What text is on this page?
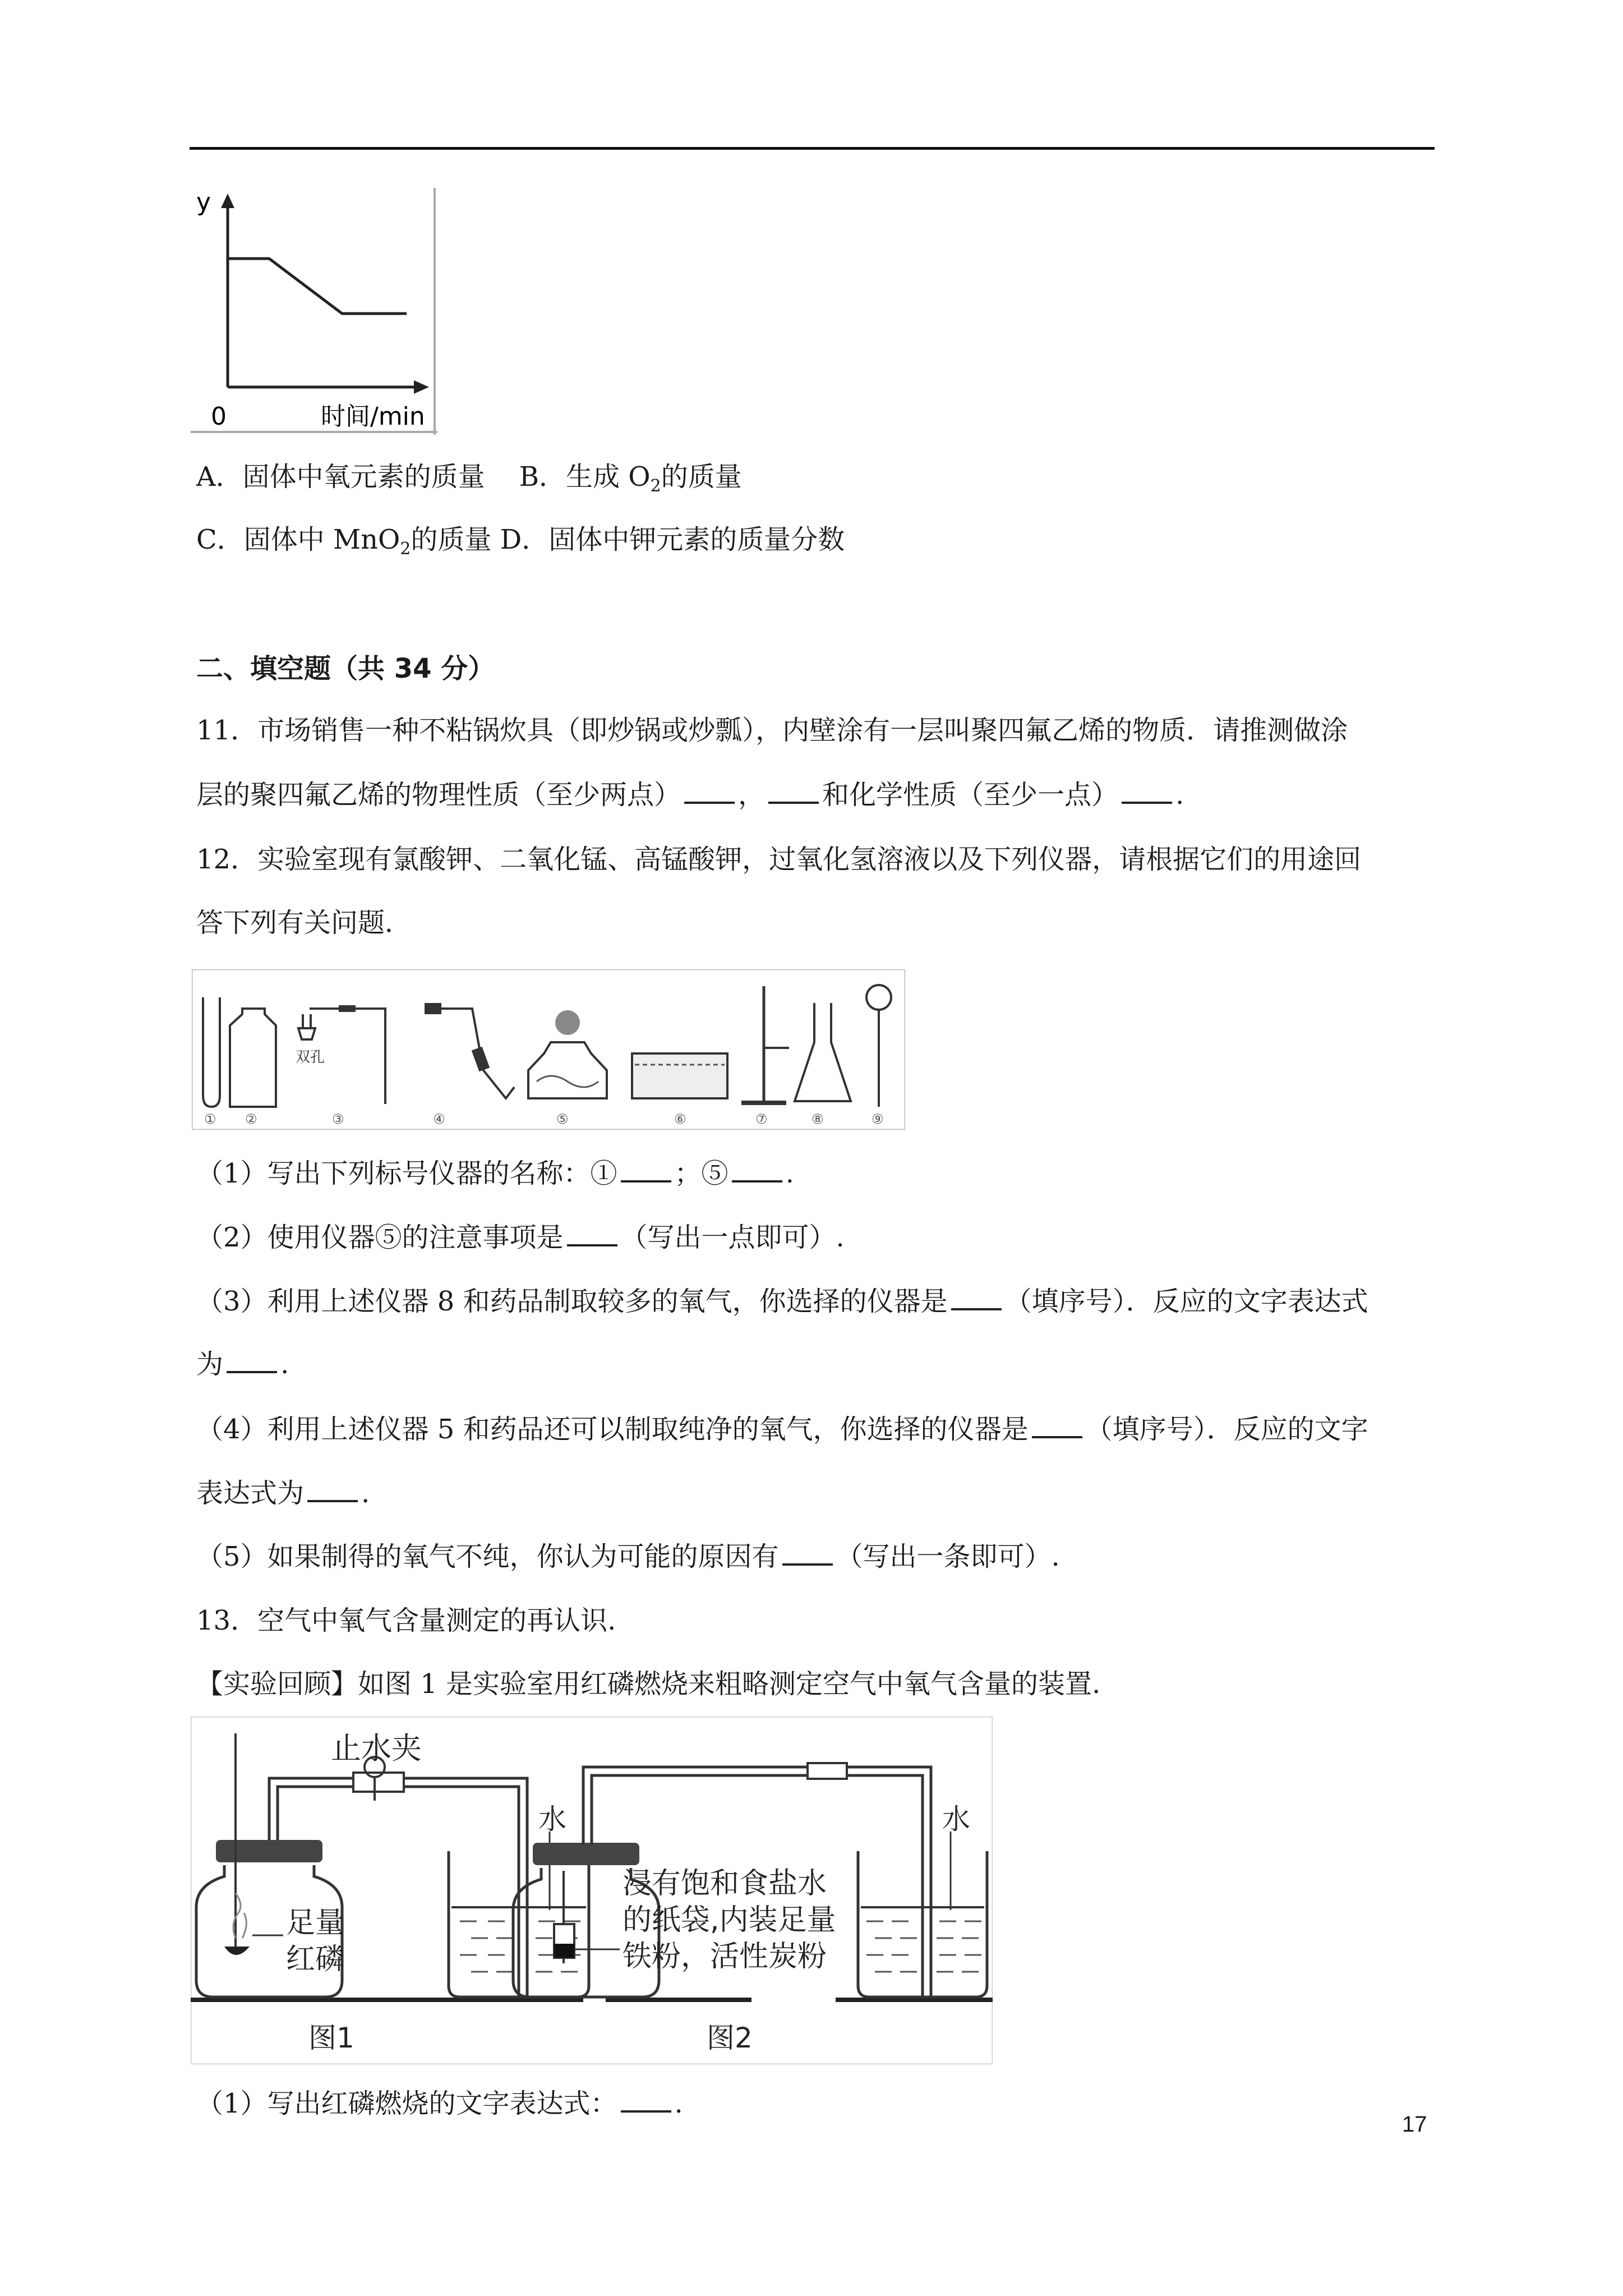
y
0	时间/min
A．固体中氧元素的质量 B．生成 $O_2$的质量
C．固体中 MnO$_2$的质量 D．固体中钾元素的质量分数
二、填空题（共 34 分）
11．市场销售一种不粘锅炊具（即炒锅或炒瓢），内壁涂有一层叫聚四氟乙烯的物质．请推测做涂
层的聚四氟乙烯的物理性质（至少两点） ， 和化学性质（至少一点） .
12．实验室现有氯酸钾、二氧化锰、高锰酸钾，过氧化氢溶液以及下列仪器，请根据它们的用途回
答下列有关问题．
双孔
① ②	③	④	⑤	⑥	⑦	⑧	⑨
（1）写出下列标号仪器的名称：① ；⑤ .
（2）使用仪器⑤的注意事项是 （写出一点即可）.
（3）利用上述仪器 8 和药品制取较多的氧气，你选择的仪器是 （填序号）．反应的文字表达式
为 .
（4）利用上述仪器 5 和药品还可以制取纯净的氧气，你选择的仪器是 （填序号）．反应的文字
表达式为 .
（5）如果制得的氧气不纯，你认为可能的原因有 （写出一条即可）.
13．空气中氧气含量测定的再认识.
【实验回顾】如图 1 是实验室用红磷燃烧来粗略测定空气中氧气含量的装置.
止水夹
水
足量
红磷
图1
浸有饱和食盐水
的纸袋,内装足量
铁粉，活性炭粉
水
图2
（1）写出红磷燃烧的文字表达式： .
17
